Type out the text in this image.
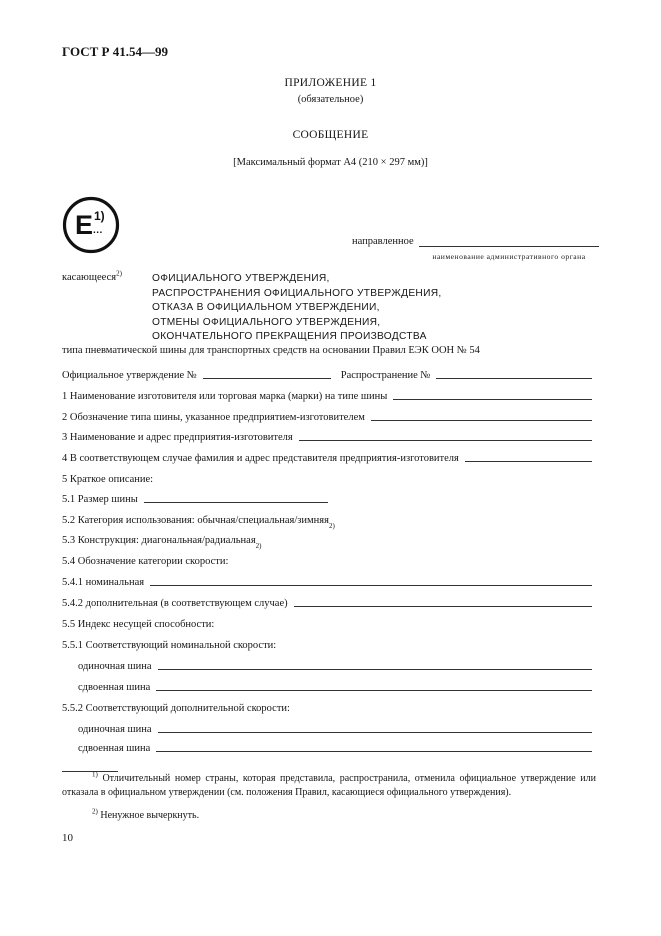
ГОСТ Р 41.54—99
ПРИЛОЖЕНИЕ 1
(обязательное)
СООБЩЕНИЕ
[Максимальный формат А4 (210 × 297 мм)]
E 1)
...
направленное
наименование административного органа
касающееся$^{2)}$	ОФИЦИАЛЬНОГО УТВЕРЖДЕНИЯ,
РАСПРОСТРАНЕНИЯ ОФИЦИАЛЬНОГО УТВЕРЖДЕНИЯ,
ОТКАЗА В ОФИЦИАЛЬНОМ УТВЕРЖДЕНИИ,
ОТМЕНЫ ОФИЦИАЛЬНОГО УТВЕРЖДЕНИЯ,
ОКОНЧАТЕЛЬНОГО ПРЕКРАЩЕНИЯ ПРОИЗВОДСТВА
типа пневматической шины для транспортных средств на основании Правил ЕЭК ООН № 54
Официальное утверждение №	Распространение №
1 Наименование изготовителя или торговая марка (марки) на типе шины
2 Обозначение типа шины, указанное предприятием-изготовителем
3 Наименование и адрес предприятия-изготовителя
4 В соответствующем случае фамилия и адрес представителя предприятия-изготовителя
5 Краткое описание:
5.1 Размер шины
5.2 Категория использования: обычная/специальная/зимняя 2)
5.3 Конструкция: диагональная/радиальная 2)
5.4 Обозначение категории скорости:
5.4.1 номинальная
5.4.2 дополнительная (в соответствующем случае)
5.5 Индекс несущей способности:
5.5.1 Соответствующий номинальной скорости:
одиночная шина
сдвоенная шина
5.5.2 Соответствующий дополнительной скорости:
одиночная шина
сдвоенная шина
$^{1)}$ Отличительный номер страны, которая представила, распространила, отменила официальное утверждение или отказала в официальном утверждении (см. положения Правил, касающиеся официального утверждения).
$^{2)}$ Ненужное вычеркнуть.
10
